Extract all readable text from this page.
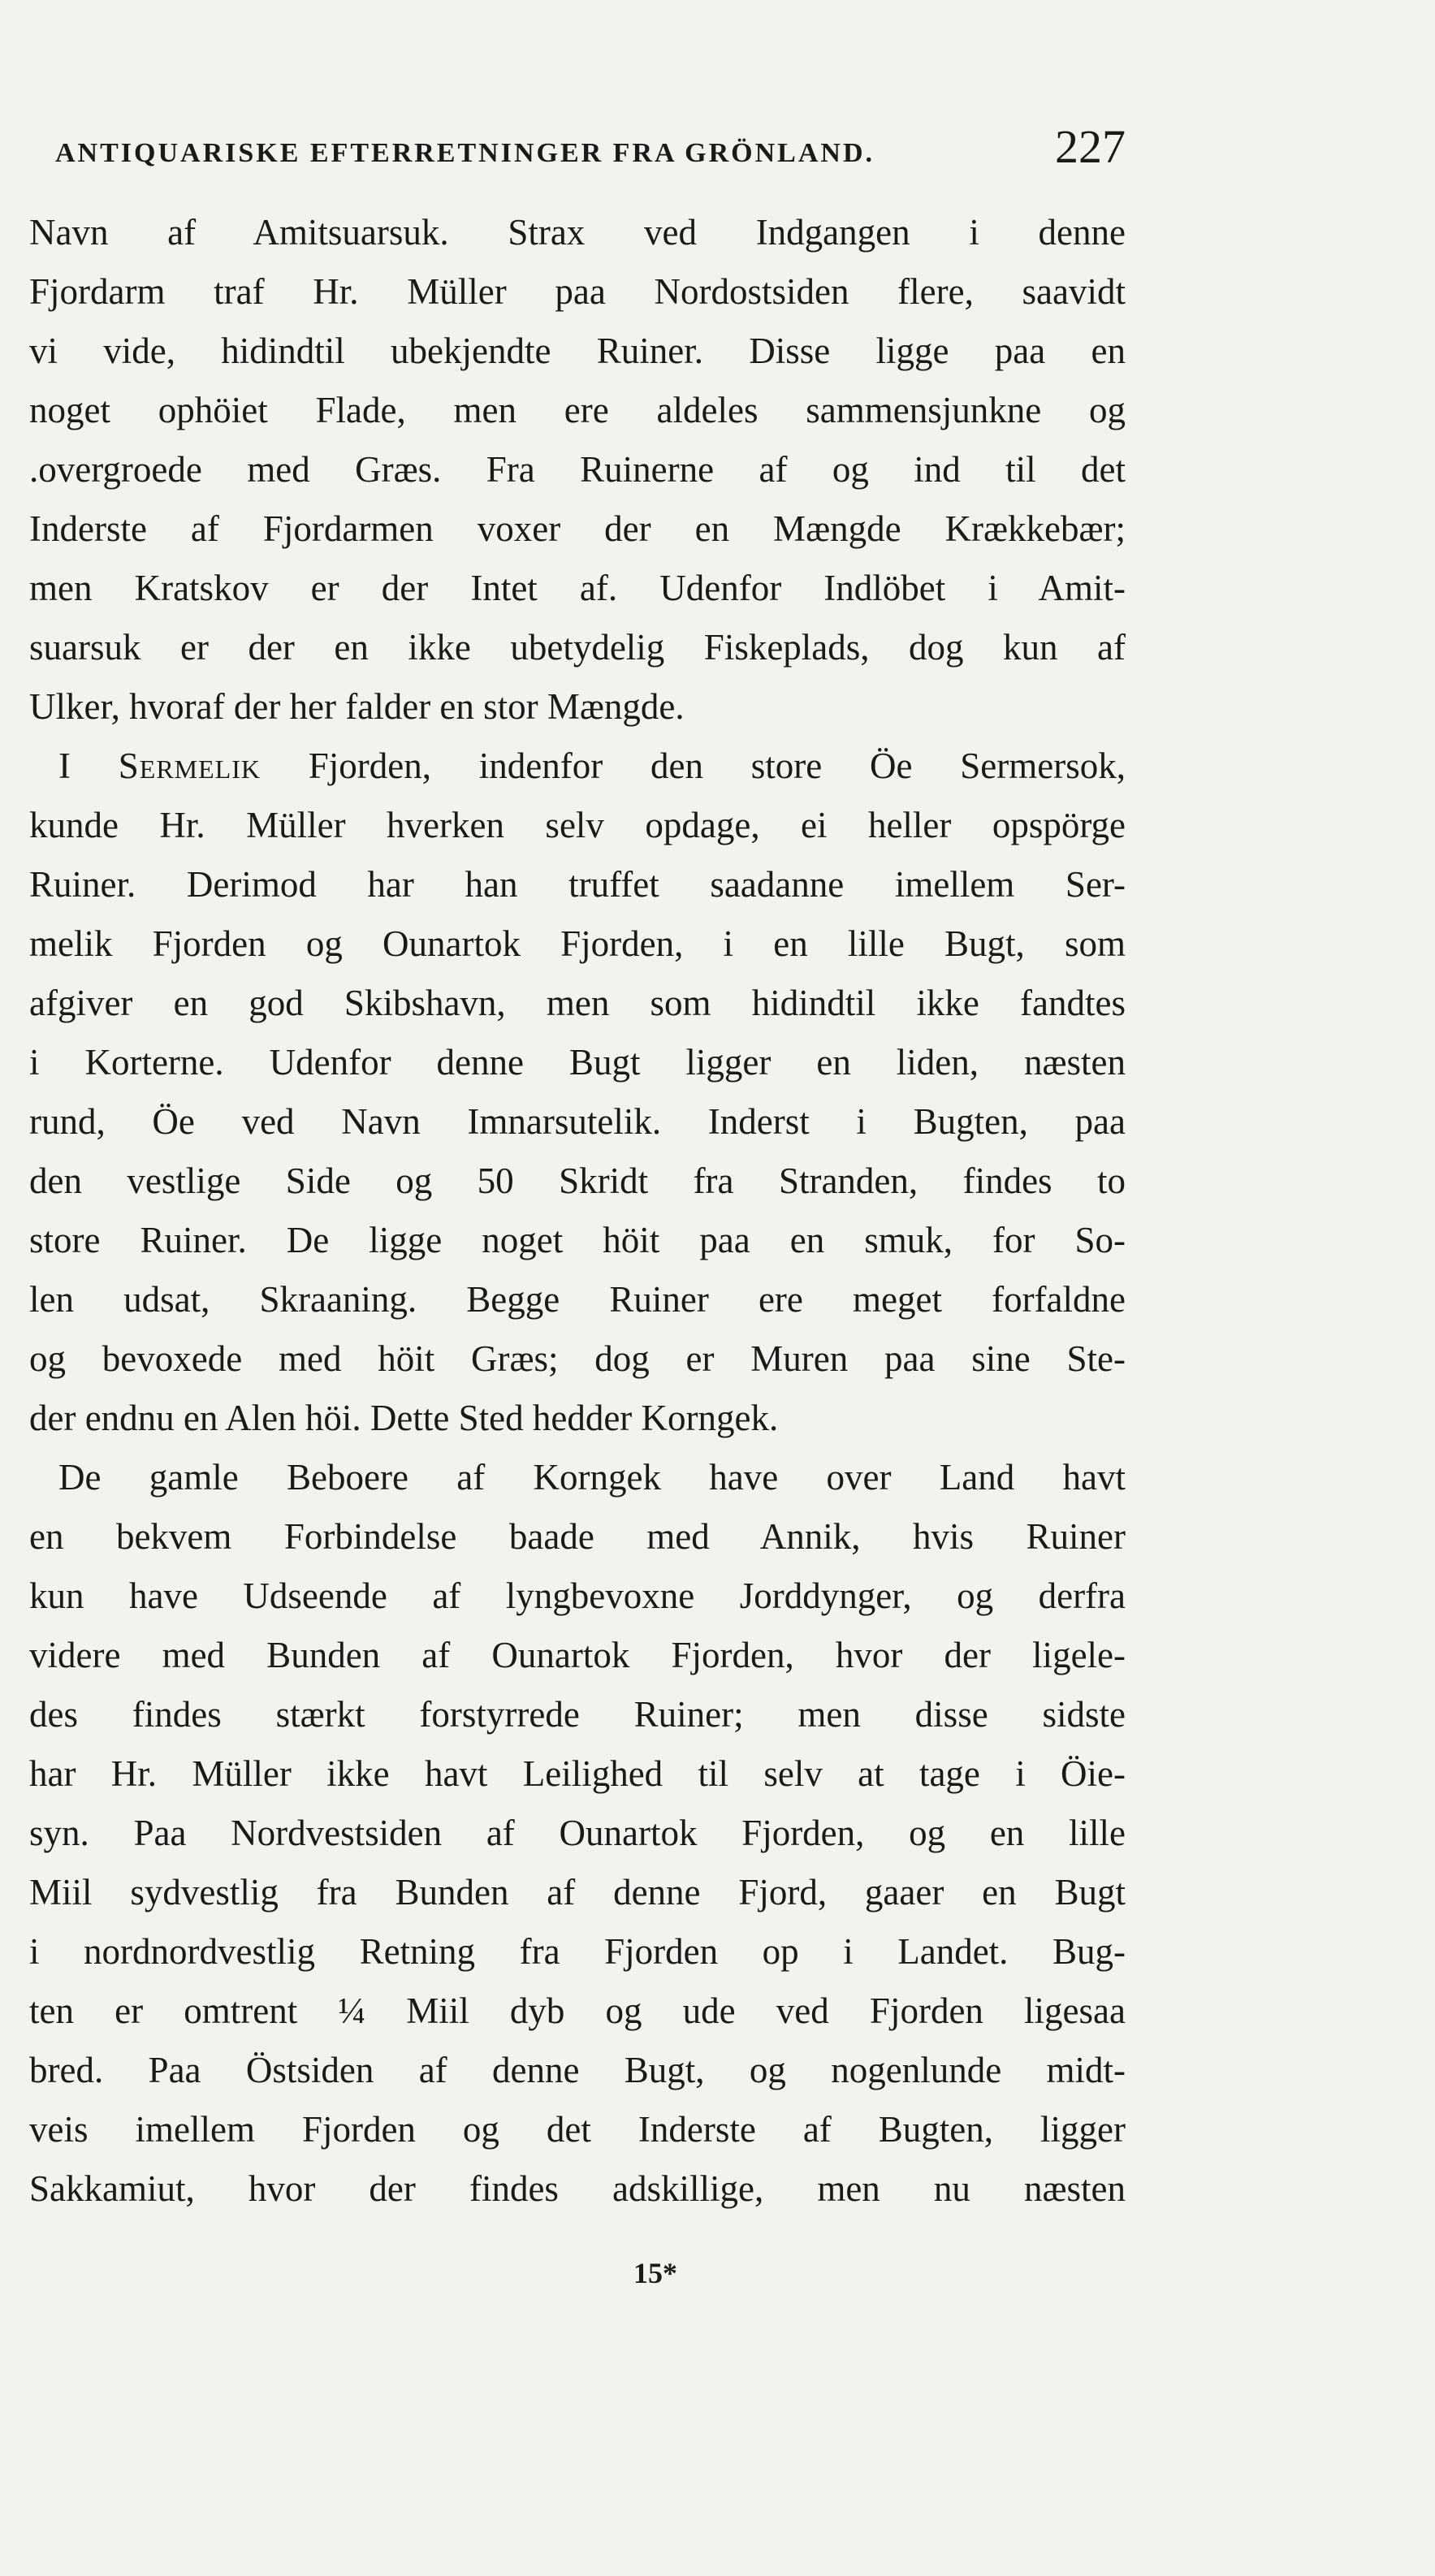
ANTIQUARISKE EFTERRETNINGER FRA GRÖNLAND.	227
Navn af Amitsuarsuk. Strax ved Indgangen i denne
Fjordarm traf Hr. Müller paa Nordostsiden flere, saavidt
vi vide, hidindtil ubekjendte Ruiner. Disse ligge paa en
noget ophöiet Flade, men ere aldeles sammensjunkne og
.overgroede med Græs. Fra Ruinerne af og ind til det
Inderste af Fjordarmen voxer der en Mængde Krækkebær;
men Kratskov er der Intet af. Udenfor Indlöbet i Amit-
suarsuk er der en ikke ubetydelig Fiskeplads, dog kun af
Ulker, hvoraf der her falder en stor Mængde.
I Sermelik Fjorden, indenfor den store Öe Sermersok,
kunde Hr. Müller hverken selv opdage, ei heller opspörge
Ruiner. Derimod har han truffet saadanne imellem Ser-
melik Fjorden og Ounartok Fjorden, i en lille Bugt, som
afgiver en god Skibshavn, men som hidindtil ikke fandtes
i Korterne. Udenfor denne Bugt ligger en liden, næsten
rund, Öe ved Navn Imnarsutelik. Inderst i Bugten, paa
den vestlige Side og 50 Skridt fra Stranden, findes to
store Ruiner. De ligge noget höit paa en smuk, for So-
len udsat, Skraaning. Begge Ruiner ere meget forfaldne
og bevoxede med höit Græs; dog er Muren paa sine Ste-
der endnu en Alen höi. Dette Sted hedder Korngek.
De gamle Beboere af Korngek have over Land havt
en bekvem Forbindelse baade med Annik, hvis Ruiner
kun have Udseende af lyngbevoxne Jorddynger, og derfra
videre med Bunden af Ounartok Fjorden, hvor der ligele-
des findes stærkt forstyrrede Ruiner; men disse sidste
har Hr. Müller ikke havt Leilighed til selv at tage i Öie-
syn. Paa Nordvestsiden af Ounartok Fjorden, og en lille
Miil sydvestlig fra Bunden af denne Fjord, gaaer en Bugt
i nordnordvestlig Retning fra Fjorden op i Landet. Bug-
ten er omtrent ¼ Miil dyb og ude ved Fjorden ligesaa
bred. Paa Östsiden af denne Bugt, og nogenlunde midt-
veis imellem Fjorden og det Inderste af Bugten, ligger
Sakkamiut, hvor der findes adskillige, men nu næsten
15*
